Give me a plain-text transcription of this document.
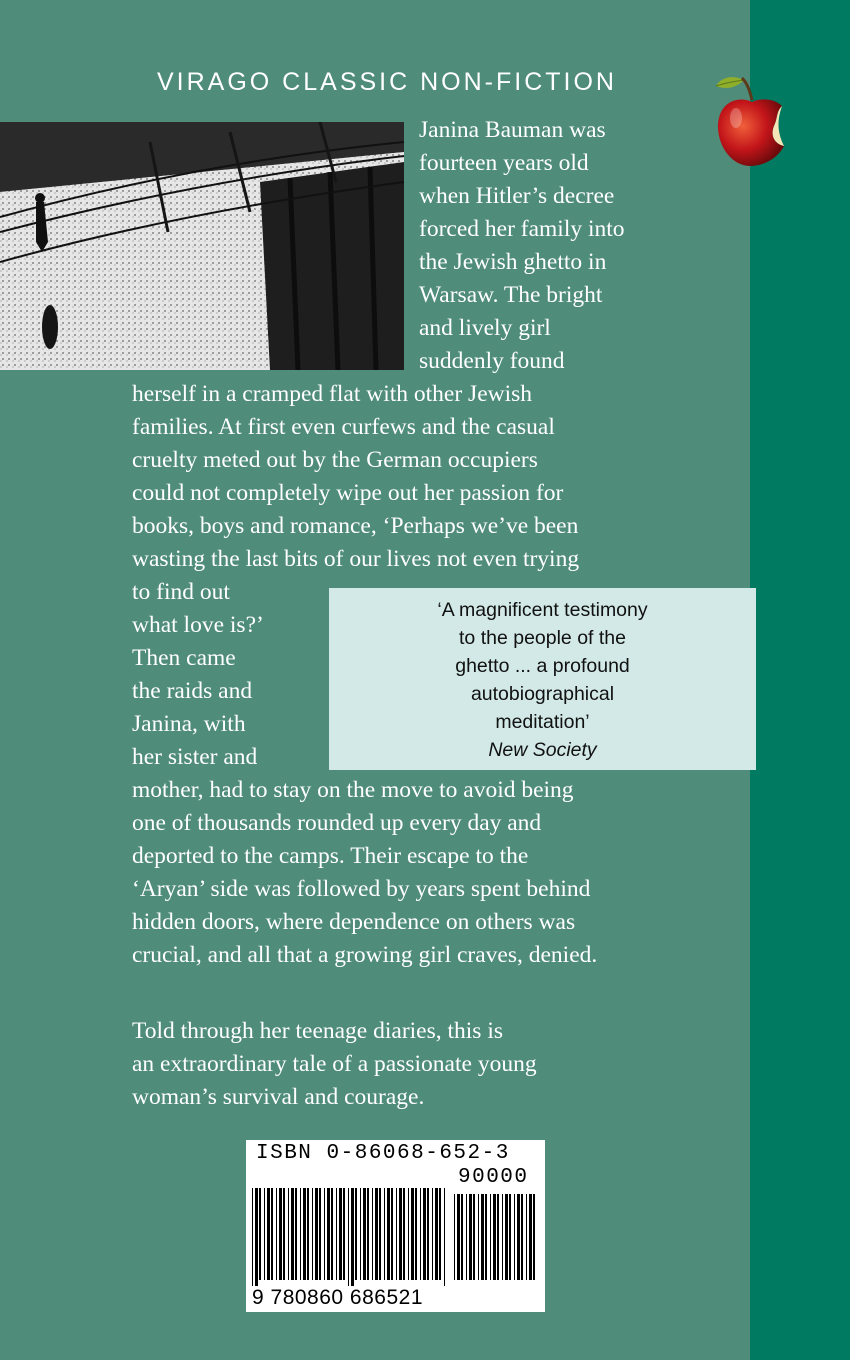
VIRAGO CLASSIC NON-FICTION
Janina Bauman was
fourteen years old
when Hitler’s decree
forced her family into
the Jewish ghetto in
Warsaw. The bright
and lively girl
suddenly found
herself in a cramped flat with other Jewish
families. At first even curfews and the casual
cruelty meted out by the German occupiers
could not completely wipe out her passion for
books, boys and romance, ‘Perhaps we’ve been
wasting the last bits of our lives not even trying
to find out
what love is?’
Then came
the raids and
Janina, with
her sister and
‘A magnificent testimony
to the people of the
ghetto ... a profound
autobiographical
meditation’
New Society
mother, had to stay on the move to avoid being
one of thousands rounded up every day and
deported to the camps. Their escape to the
‘Aryan’ side was followed by years spent behind
hidden doors, where dependence on others was
crucial, and all that a growing girl craves, denied.
Told through her teenage diaries, this is
an extraordinary tale of a passionate young
woman’s survival and courage.
ISBN 0-86068-652-3
90000
9 780860 686521
